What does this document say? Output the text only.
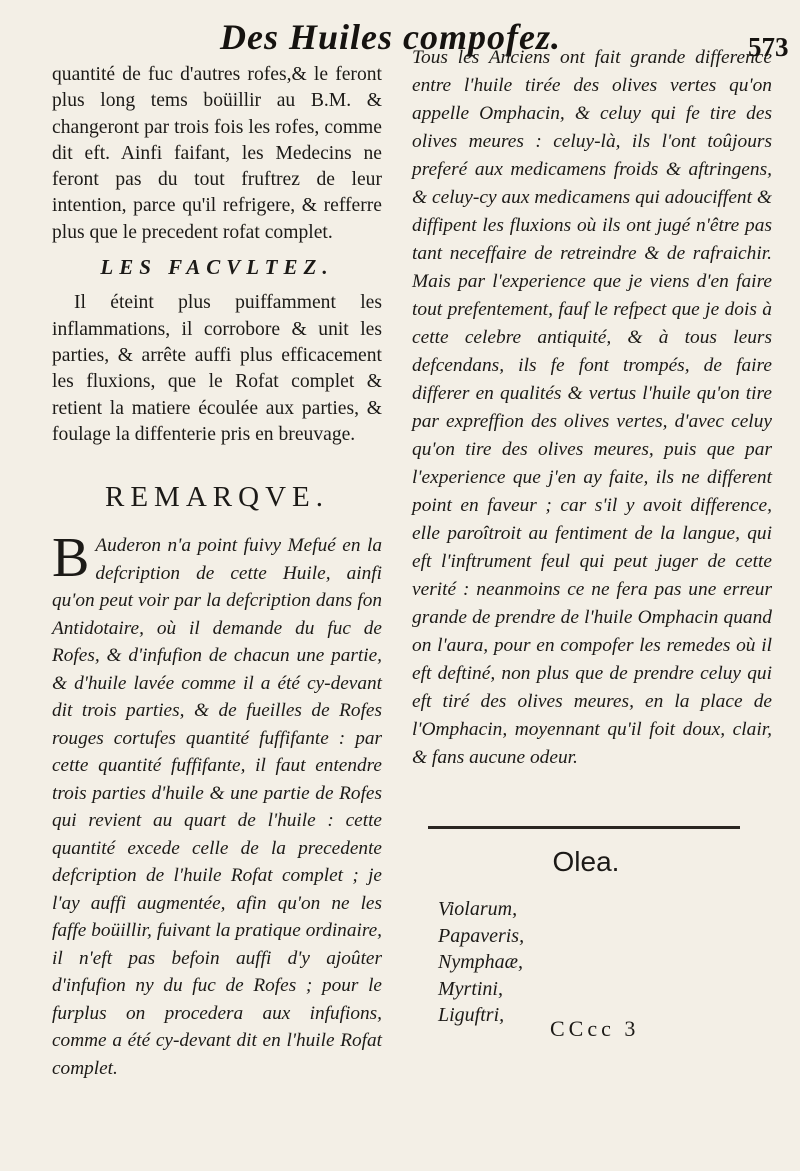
Des Huiles compofez.	573

quantité de fuc d'autres rofes,& le feront plus long tems boüillir au B.M. & changeront par trois fois les rofes, comme dit eft. Ainfi faifant, les Medecins ne feront pas du tout fruftrez de leur intention, parce qu'il refrigere, & refferre plus que le precedent rofat complet.

LES FACVLTEZ.

Il éteint plus puiffamment les inflammations, il corrobore & unit les parties, & arrête auffi plus efficacement les fluxions, que le Rofat complet & retient la matiere écoulée aux parties, & foulage la diffenterie pris en breuvage.

REMARQVE.

B Auderon n'a point fuivy Mefué en la defcription de cette Huile, ainfi qu'on peut voir par la defcription dans fon Antidotaire, où il demande du fuc de Rofes, & d'infufion de chacun une partie, & d'huile lavée comme il a été cy-devant dit trois parties, & de fueilles de Rofes rouges cortufes quantité fuffifante : par cette quantité fuffifante, il faut entendre trois parties d'huile & une partie de Rofes qui revient au quart de l'huile : cette quantité excede celle de la precedente defcription de l'huile Rofat complet ; je l'ay auffi augmentée, afin qu'on ne les faffe boüillir, fuivant la pratique ordinaire, il n'eft pas befoin auffi d'y ajoûter d'infufion ny du fuc de Rofes ; pour le furplus on procedera aux infufions, comme a été cy-devant dit en l'huile Rofat complet.

Tous les Anciens ont fait grande difference entre l'huile tirée des olives vertes qu'on appelle Omphacin, & celuy qui fe tire des olives meures : celuy-là, ils l'ont toûjours preferé aux medicamens froids & aftringens, & celuy-cy aux medicamens qui adouciffent & diffipent les fluxions où ils ont jugé n'être pas tant neceffaire de retreindre & de rafraichir. Mais par l'experience que je viens d'en faire tout prefentement, fauf le refpect que je dois à cette celebre antiquité, & à tous leurs defcendans, ils fe font trompés, de faire differer en qualités & vertus l'huile qu'on tire par expreffion des olives vertes, d'avec celuy qu'on tire des olives meures, puis que par l'experience que j'en ay faite, ils ne different point en faveur ; car s'il y avoit difference, elle paroîtroit au fentiment de la langue, qui eft l'inftrument feul qui peut juger de cette verité : neanmoins ce ne fera pas une erreur grande de prendre de l'huile Omphacin quand on l'aura, pour en compofer les remedes où il eft deftiné, non plus que de prendre celuy qui eft tiré des olives meures, en la place de l'Omphacin, moyennant qu'il foit doux, clair, & fans aucune odeur.

Olea.
Violarum,
Papaveris,
Nymphaæ,
Myrtini,
Liguftri,
CCcc 3
